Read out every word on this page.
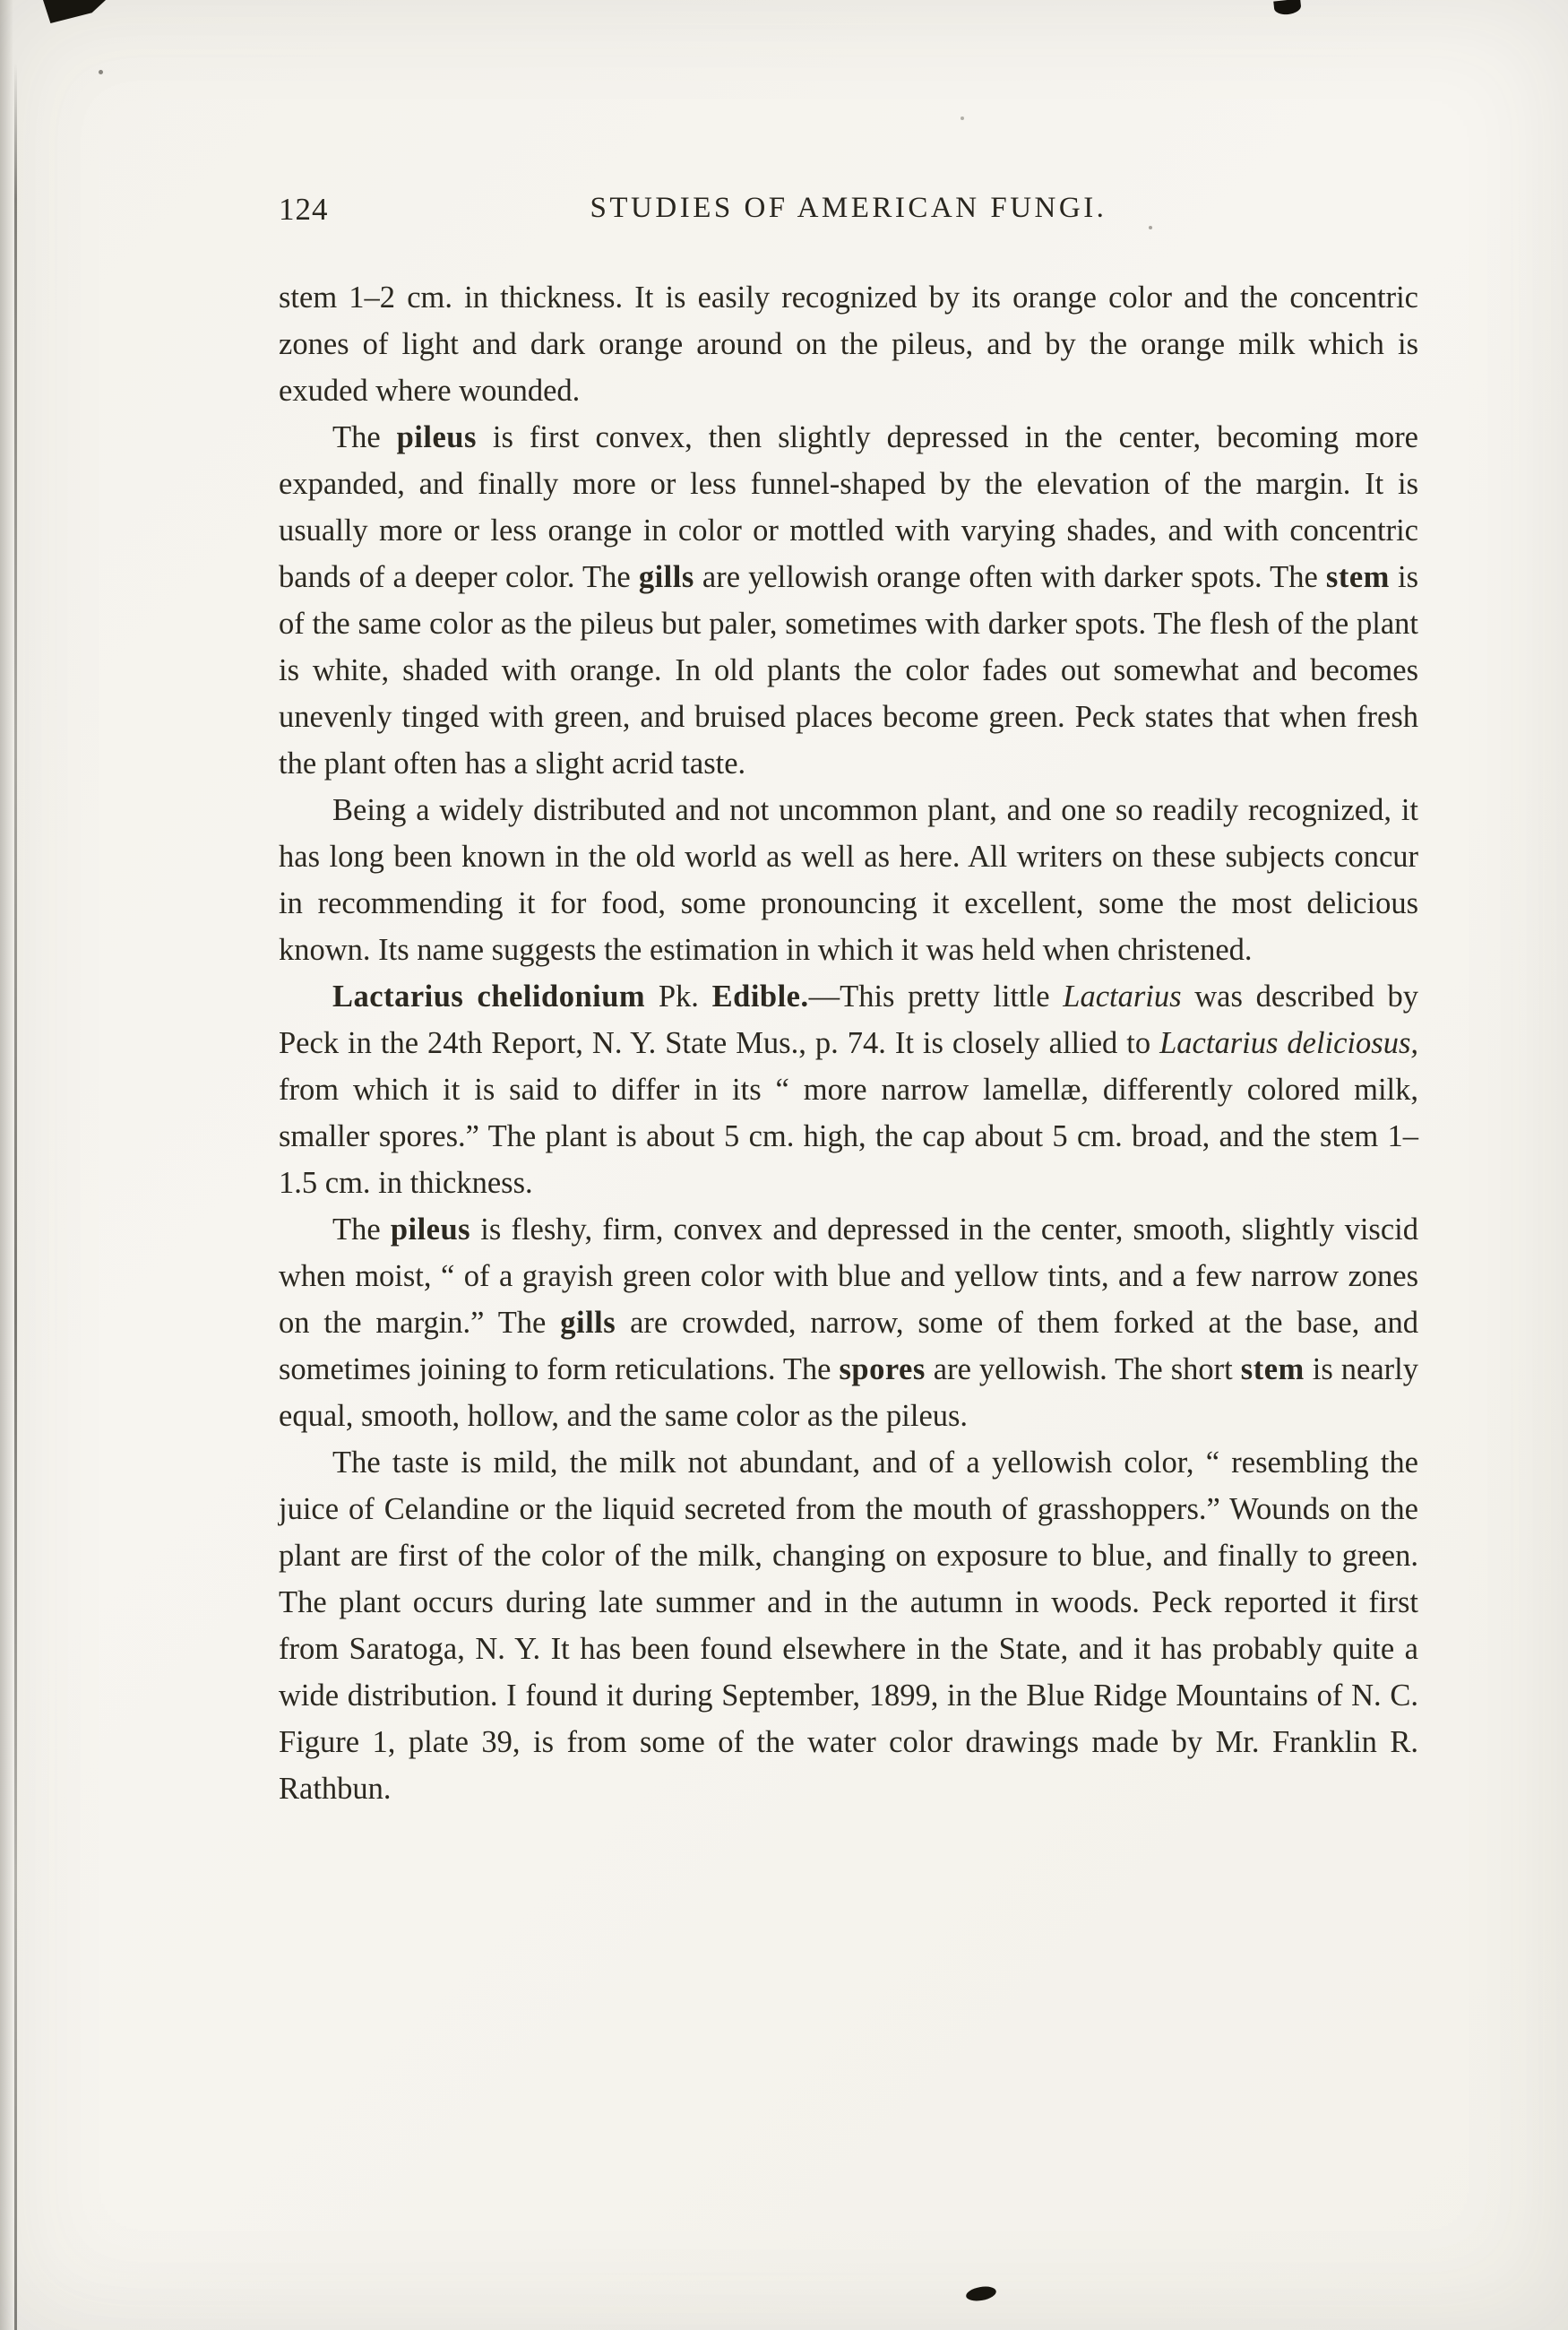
124	STUDIES OF AMERICAN FUNGI.

stem 1–2 cm. in thickness. It is easily recognized by its orange color and the concentric zones of light and dark orange around on the pileus, and by the orange milk which is exuded where wounded.

The pileus is first convex, then slightly depressed in the center, becoming more expanded, and finally more or less funnel-shaped by the elevation of the margin. It is usually more or less orange in color or mottled with varying shades, and with concentric bands of a deeper color. The gills are yellowish orange often with darker spots. The stem is of the same color as the pileus but paler, sometimes with darker spots. The flesh of the plant is white, shaded with orange. In old plants the color fades out somewhat and becomes unevenly tinged with green, and bruised places become green. Peck states that when fresh the plant often has a slight acrid taste.

Being a widely distributed and not uncommon plant, and one so readily recognized, it has long been known in the old world as well as here. All writers on these subjects concur in recommending it for food, some pronouncing it excellent, some the most delicious known. Its name suggests the estimation in which it was held when christened.

Lactarius chelidonium Pk. Edible.—This pretty little Lactarius was described by Peck in the 24th Report, N. Y. State Mus., p. 74. It is closely allied to Lactarius deliciosus, from which it is said to differ in its “ more narrow lamellæ, differently colored milk, smaller spores.” The plant is about 5 cm. high, the cap about 5 cm. broad, and the stem 1–1.5 cm. in thickness.

The pileus is fleshy, firm, convex and depressed in the center, smooth, slightly viscid when moist, “ of a grayish green color with blue and yellow tints, and a few narrow zones on the margin.” The gills are crowded, narrow, some of them forked at the base, and sometimes joining to form reticulations. The spores are yellowish. The short stem is nearly equal, smooth, hollow, and the same color as the pileus.

The taste is mild, the milk not abundant, and of a yellowish color, “ resembling the juice of Celandine or the liquid secreted from the mouth of grasshoppers.” Wounds on the plant are first of the color of the milk, changing on exposure to blue, and finally to green. The plant occurs during late summer and in the autumn in woods. Peck reported it first from Saratoga, N. Y. It has been found elsewhere in the State, and it has probably quite a wide distribution. I found it during September, 1899, in the Blue Ridge Mountains of N. C. Figure 1, plate 39, is from some of the water color drawings made by Mr. Franklin R. Rathbun.
